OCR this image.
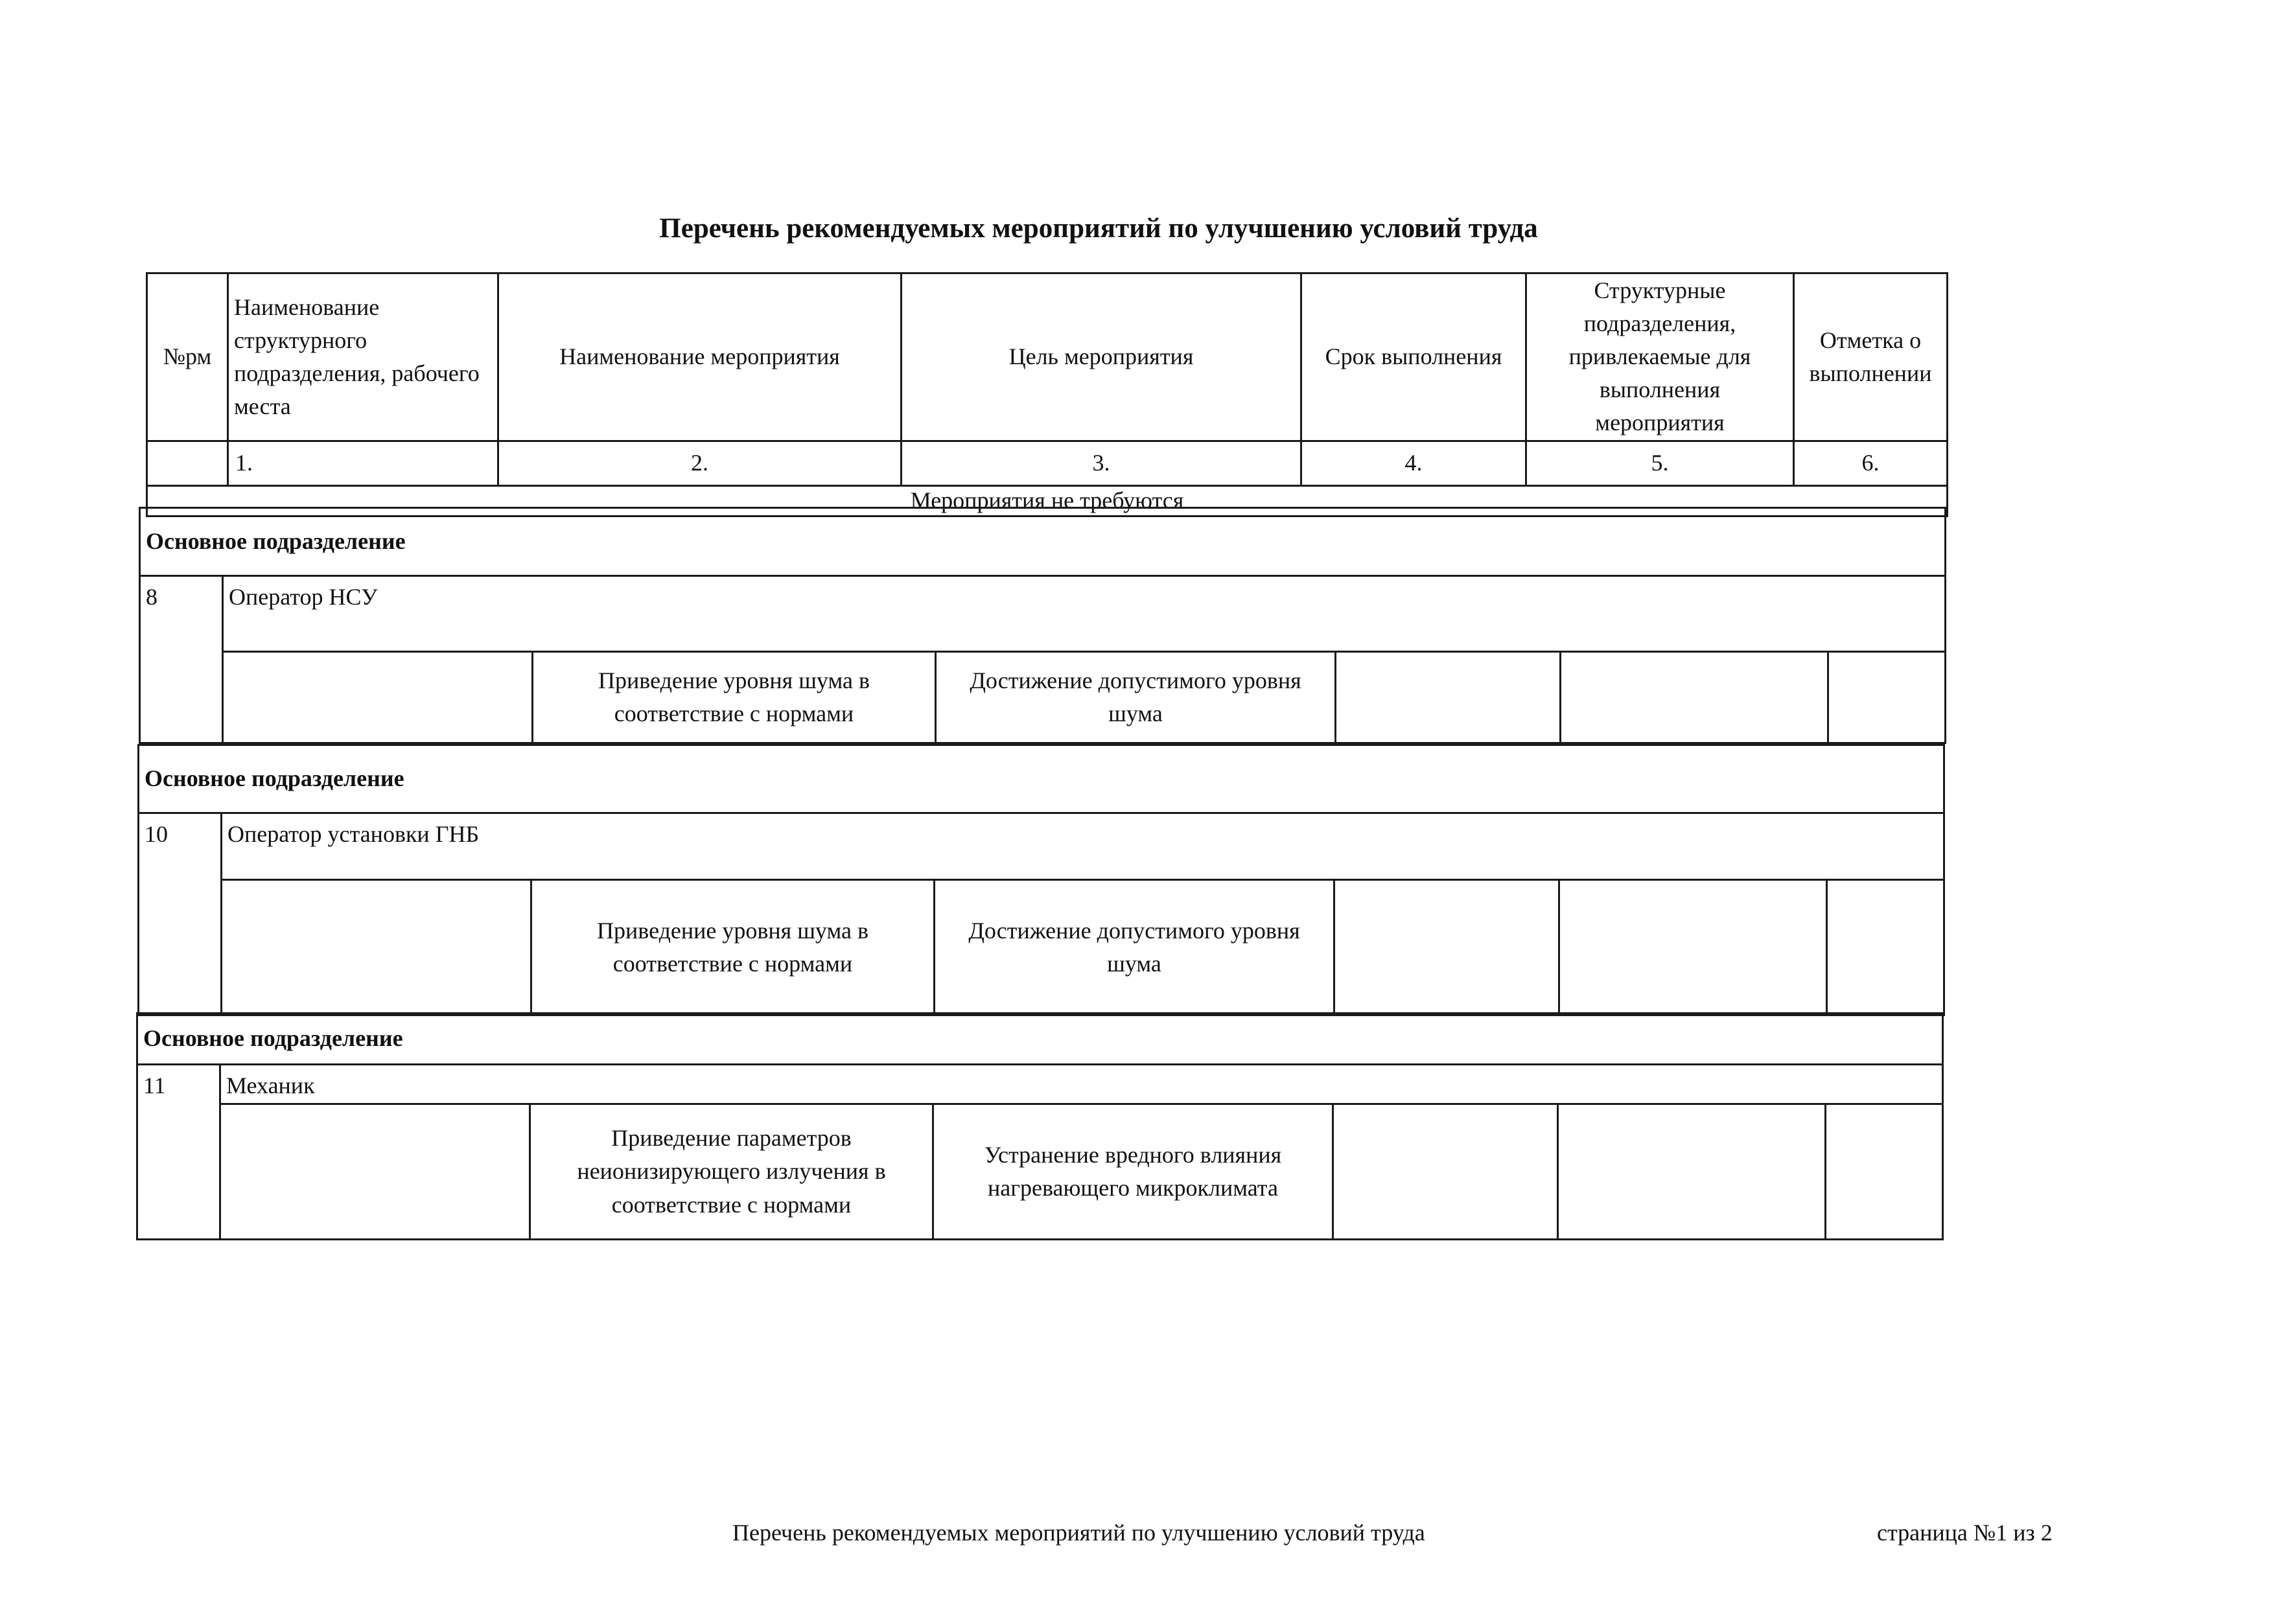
Перечень рекомендуемых мероприятий по улучшению условий труда
№рм	Наименование структурного подразделения, рабочего места	Наименование мероприятия	Цель мероприятия	Срок выполнения	Структурные подразделения, привлекаемые для выполнения мероприятия	Отметка о выполнении
	1.	2.	3.	4.	5.	6.
Мероприятия не требуются						
Основное подразделение						
8	Оператор НСУ					
		Приведение уровня шума в соответствие с нормами	Достижение допустимого уровня шума			
Основное подразделение						
10	Оператор установки ГНБ					
		Приведение уровня шума в соответствие с нормами	Достижение допустимого уровня шума			
Основное подразделение						
11	Механик					
		Приведение параметров неионизирующего излучения в соответствие с нормами	Устранение вредного влияния нагревающего микроклимата			
Перечень рекомендуемых мероприятий по улучшению условий труда	страница №1 из 2
